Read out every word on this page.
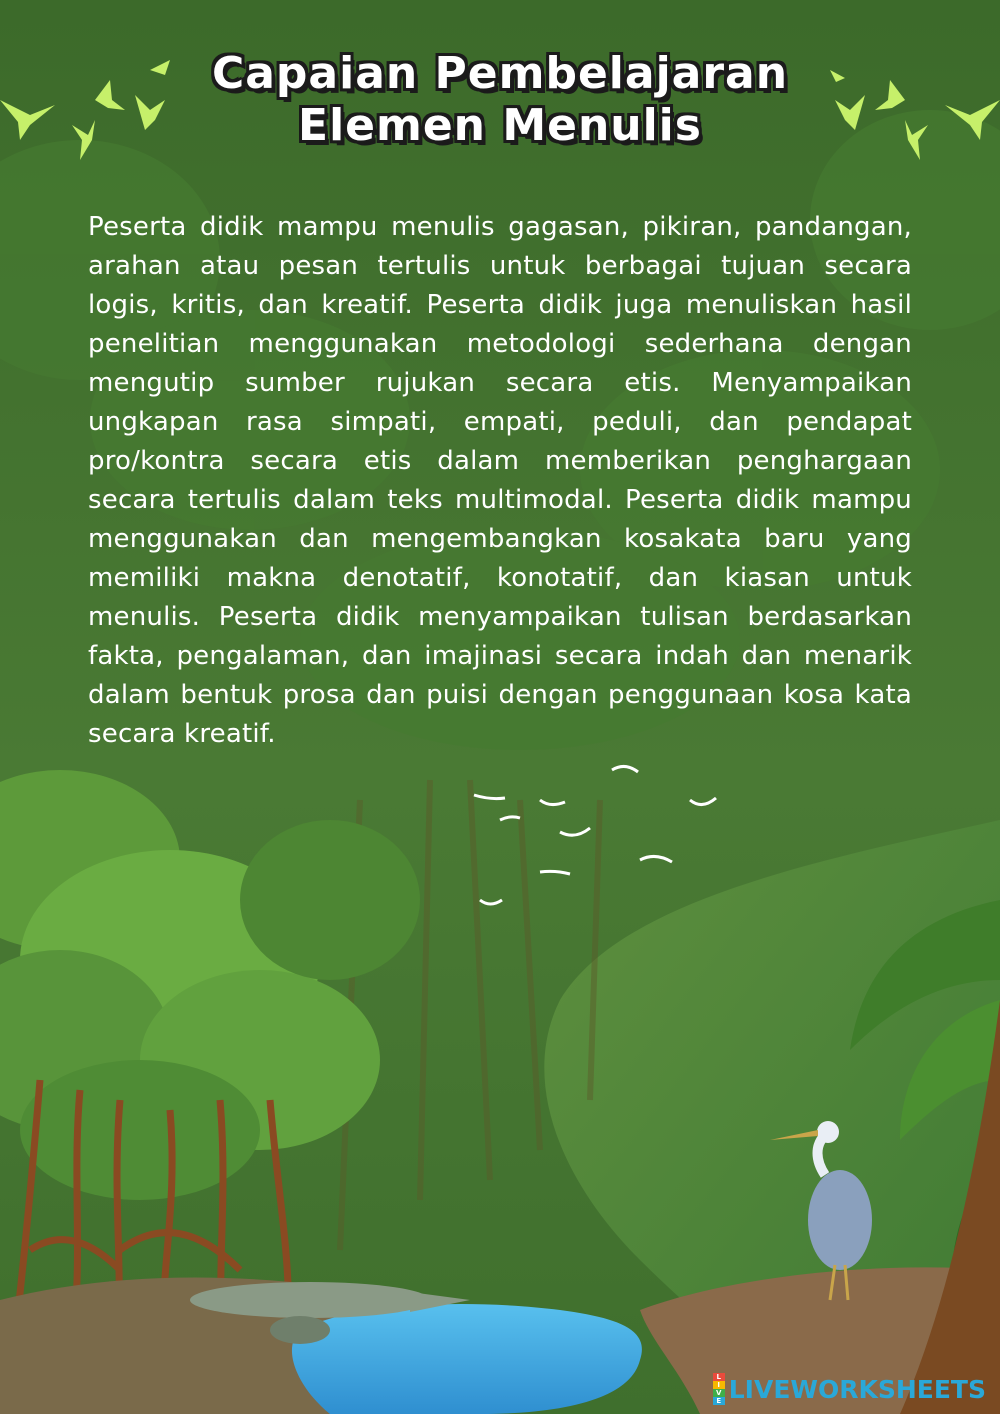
Capaian Pembelajaran
Elemen Menulis
Peserta didik mampu menulis gagasan, pikiran, pandangan, arahan atau pesan tertulis untuk berbagai tujuan secara logis, kritis, dan kreatif. Peserta didik juga menuliskan hasil penelitian menggunakan metodologi sederhana dengan mengutip sumber rujukan secara etis. Menyampaikan ungkapan rasa simpati, empati, peduli, dan pendapat pro/kontra secara etis dalam memberikan penghargaan secara tertulis dalam teks multimodal. Peserta didik mampu menggunakan dan mengembangkan kosakata baru yang memiliki makna denotatif, konotatif, dan kiasan untuk menulis. Peserta didik menyampaikan tulisan berdasarkan fakta, pengalaman, dan imajinasi secara indah dan menarik dalam bentuk prosa dan puisi dengan penggunaan kosa kata secara kreatif.
L
I
V
E LIVEWORKSHEETS
